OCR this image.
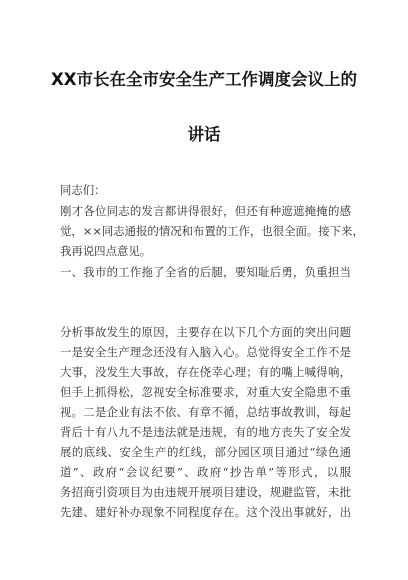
XX市长在全市安全生产工作调度会议上的
讲话
同志们：
刚才各位同志的发言都讲得很好，但还有种遮遮掩掩的感
觉，××同志通报的情况和布置的工作，也很全面。接下来，
我再说四点意见。
一、我市的工作拖了全省的后腿，要知耻后勇，负重担当
分析事故发生的原因，主要存在以下几个方面的突出问题
一是安全生产理念还没有入脑入心。总觉得安全工作不是
大事，没发生大事故，存在侥幸心理；有的嘴上喊得响，
但手上抓得松，忽视安全标准要求，对重大安全隐患不重
视。二是企业有法不依、有章不循，总结事故教训，每起
背后十有八九不是违法就是违规，有的地方丧失了安全发
展的底线、安全生产的红线，部分园区项目通过“绿色通
道”、政府“会议纪要”、政府“抄告单”等形式，以服
务招商引资项目为由违规开展项目建设，规避监管，未批
先建、建好补办现象不同程度存在。这个没出事就好，出
